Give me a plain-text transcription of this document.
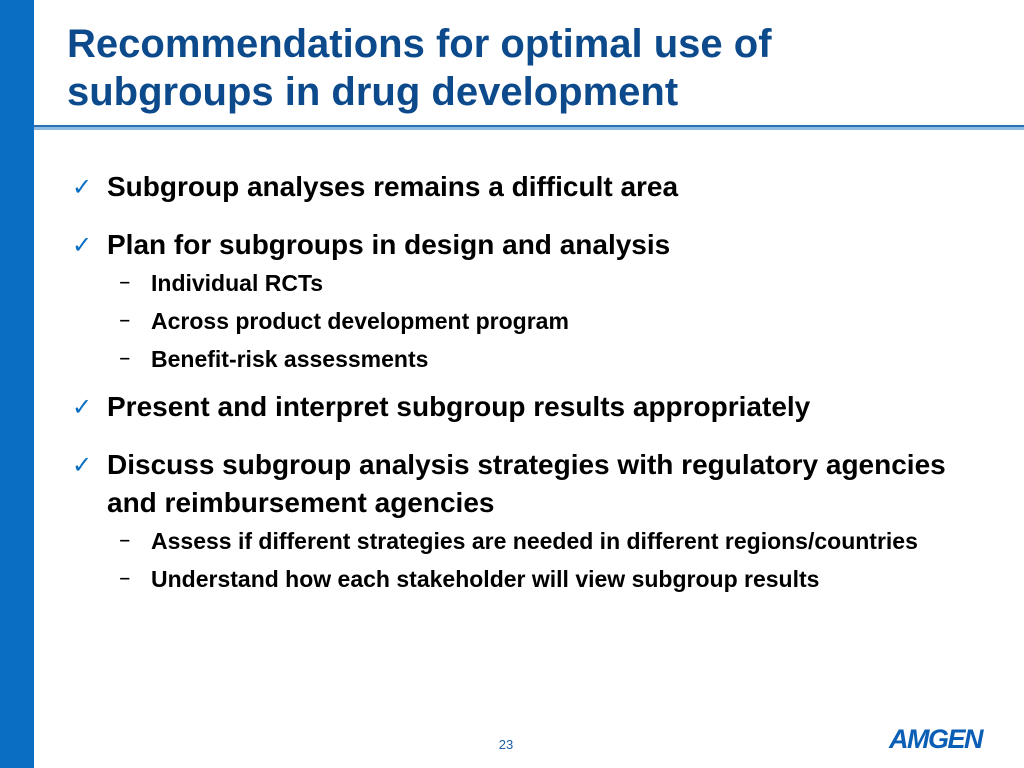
Recommendations for optimal use of
subgroups in drug development
✓ Subgroup analyses remains a difficult area
✓ Plan for subgroups in design and analysis
– Individual RCTs
– Across product development program
– Benefit-risk assessments
✓ Present and interpret subgroup results appropriately
✓ Discuss subgroup analysis strategies with regulatory agencies and reimbursement agencies
– Assess if different strategies are needed in different regions/countries
– Understand how each stakeholder will view subgroup results
23	AMGEN
